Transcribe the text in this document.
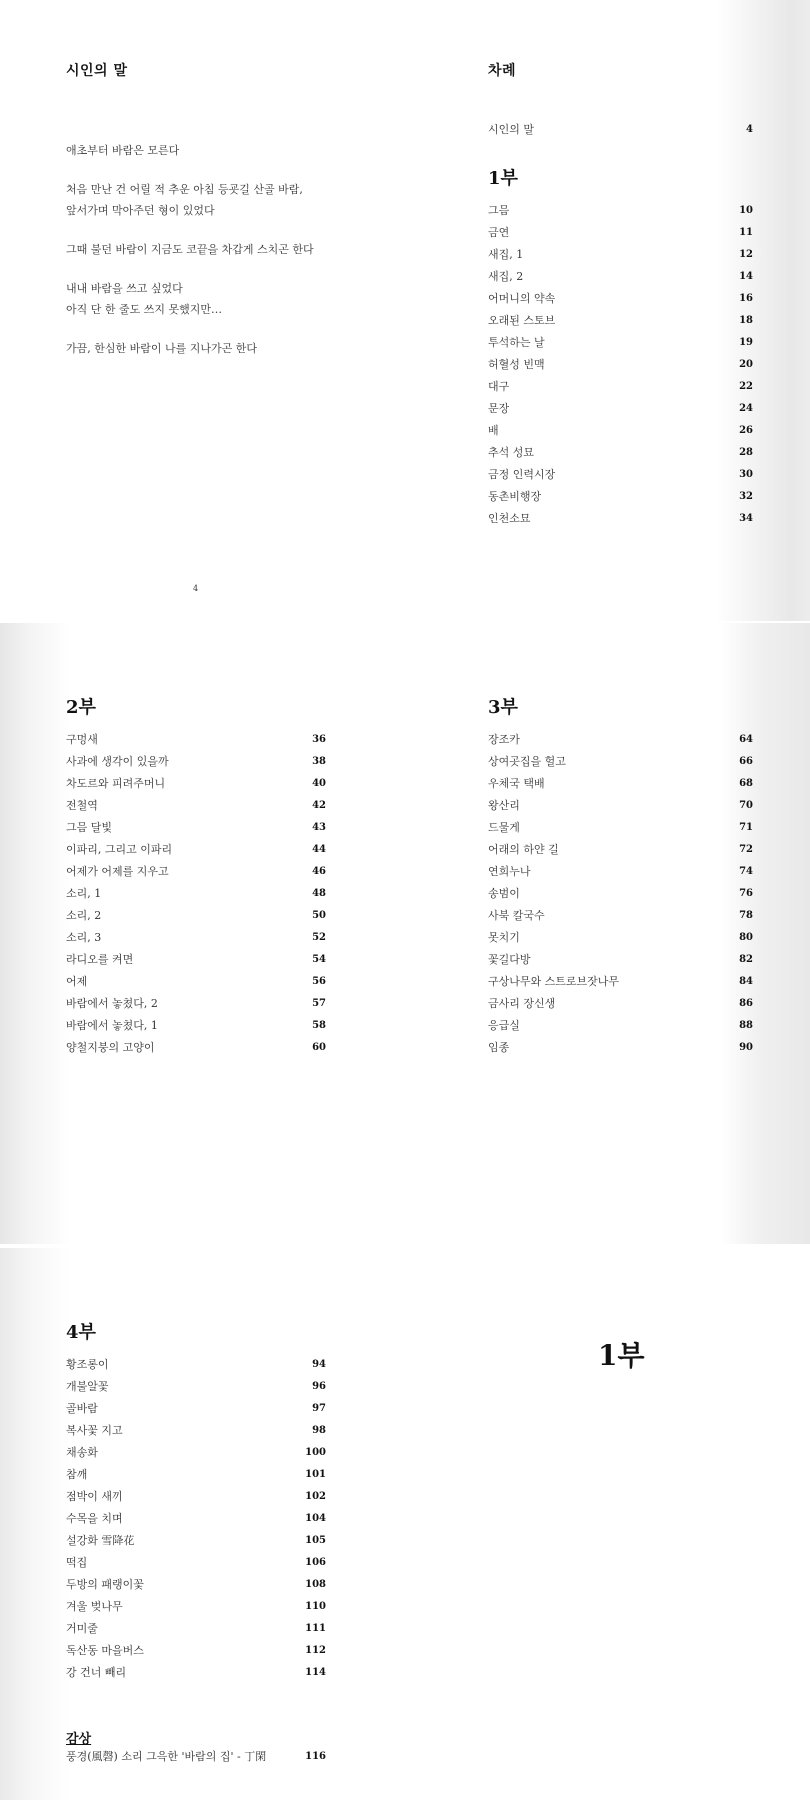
시인의 말
애초부터 바람은 모른다
처음 만난 건 어릴 적 추운 아침 등굣길 산골 바람,
앞서가며 막아주던 형이 있었다
그때 불던 바람이 지금도 코끝을 차갑게 스치곤 한다
내내 바람을 쓰고 싶었다
아직 단 한 줄도 쓰지 못했지만…
가끔, 한심한 바람이 나를 지나가곤 한다
4
차례
시인의 말	4
1부
그믐	10
금연	11
새집, 1	12
새집, 2	14
어머니의 약속	16
오래된 스토브	18
투석하는 날	19
허혈성 빈맥	20
대구	22
문장	24
배	26
추석 성묘	28
금정 인력시장	30
동촌비행장	32
인천소묘	34
2부
구멍새	36
사과에 생각이 있을까	38
차도르와 피려주머니	40
전철역	42
그믐 달빛	43
이파리, 그리고 이파리	44
어제가 어제를 지우고	46
소리, 1	48
소리, 2	50
소리, 3	52
라디오를 켜면	54
어제	56
바람에서 놓쳤다, 2	57
바람에서 놓쳤다, 1	58
양철지붕의 고양이	60
3부
장조카	64
상여곳집을 헐고	66
우체국 택배	68
왕산리	70
드물게	71
어래의 하얀 길	72
연희누나	74
송범이	76
사북 칼국수	78
못치기	80
꽃길다방	82
구상나무와 스트로브잣나무	84
금사리 장신생	86
응급실	88
임종	90
4부
황조롱이	94
개불알꽃	96
골바람	97
복사꽃 지고	98
채송화	100
참깨	101
점박이 새끼	102
수목을 치며	104
설강화 雪降花	105
떡집	106
두방의 패랭이꽃	108
겨울 벚나무	110
거미줄	111
독산동 마을버스	112
강 건너 빼리	114
감상
풍경(風磬) 소리 그윽한 '바람의 집' - 丁閑	116
1부
